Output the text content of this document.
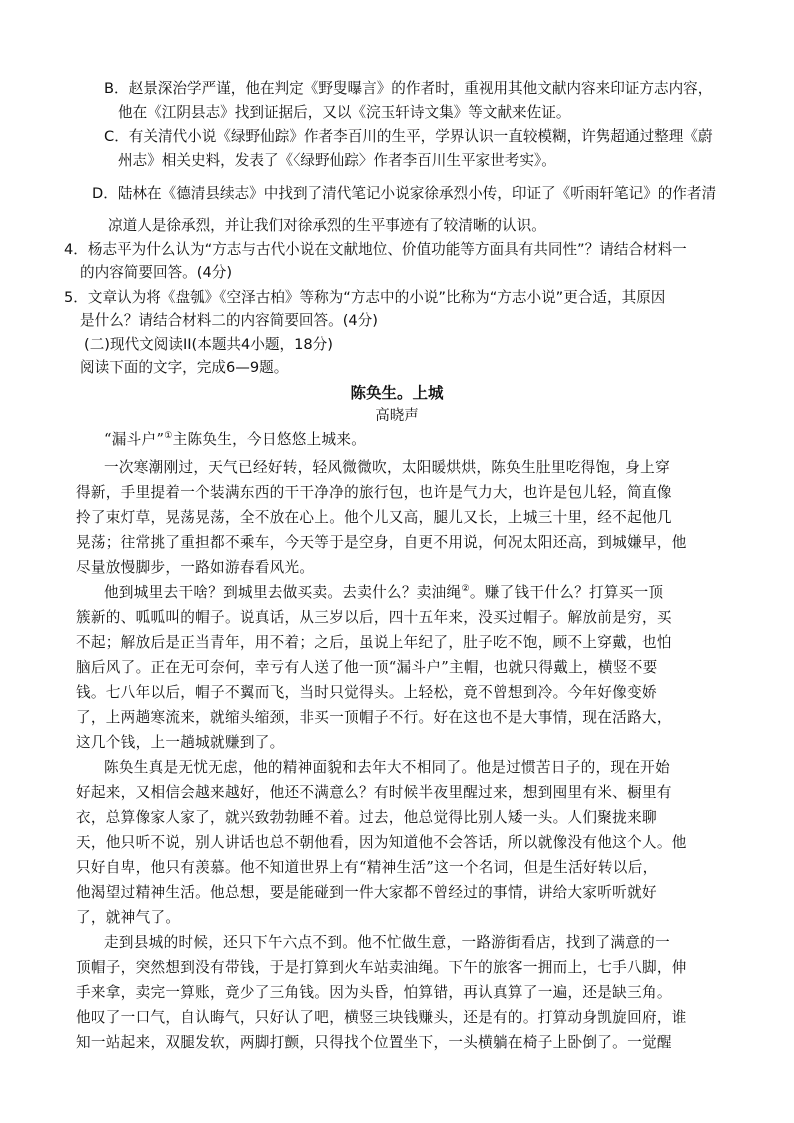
B．赵景深治学严谨，他在判定《野叟曝言》的作者时，重视用其他文献内容来印证方志内容，
他在《江阴县志》找到证据后，又以《浣玉轩诗文集》等文献来佐证。
C．有关清代小说《绿野仙踪》作者李百川的生平，学界认识一直较模糊，许隽超通过整理《蔚
州志》相关史料，发表了《〈绿野仙踪〉作者李百川生平家世考实》。
D．陆林在《德清县续志》中找到了清代笔记小说家徐承烈小传，印证了《听雨轩笔记》的作者清
凉道人是徐承烈，并让我们对徐承烈的生平事迹有了较清晰的认识。
4．杨志平为什么认为“方志与古代小说在文献地位、价值功能等方面具有共同性”？请结合材料一
的内容简要回答。(4分)
5．文章认为将《盘瓠》《空泽古柏》等称为“方志中的小说”比称为“方志小说”更合适，其原因
是什么？请结合材料二的内容简要回答。(4分)
(二)现代文阅读II(本题共4小题，18分)
阅读下面的文字，完成6—9题。
陈奂生。上城
高晓声
“漏斗户”①主陈奂生，今日悠悠上城来。
一次寒潮刚过，天气已经好转，轻风微微吹，太阳暖烘烘，陈奂生肚里吃得饱，身上穿
得新，手里提着一个装满东西的干干净净的旅行包，也许是气力大，也许是包儿轻，简直像
拎了束灯草，晃荡晃荡，全不放在心上。他个儿又高，腿儿又长，上城三十里，经不起他几
晃荡；往常挑了重担都不乘车，今天等于是空身，自更不用说，何况太阳还高，到城嫌早，他
尽量放慢脚步，一路如游春看风光。
他到城里去干啥？到城里去做买卖。去卖什么？卖油绳②。赚了钱干什么？打算买一顶
簇新的、呱呱叫的帽子。说真话，从三岁以后，四十五年来，没买过帽子。解放前是穷，买
不起；解放后是正当青年，用不着；之后，虽说上年纪了，肚子吃不饱，顾不上穿戴，也怕
脑后风了。正在无可奈何，幸亏有人送了他一顶“漏斗户”主帽，也就只得戴上，横竖不要
钱。七八年以后，帽子不翼而飞，当时只觉得头。上轻松，竟不曾想到冷。今年好像变娇
了，上两趟寒流来，就缩头缩颈，非买一顶帽子不行。好在这也不是大事情，现在活路大，
这几个钱，上一趟城就赚到了。
陈奂生真是无忧无虑，他的精神面貌和去年大不相同了。他是过惯苦日子的，现在开始
好起来，又相信会越来越好，他还不满意么？有时候半夜里醒过来，想到囤里有米、橱里有
衣，总算像家人家了，就兴致勃勃睡不着。过去，他总觉得比别人矮一头。人们聚拢来聊
天，他只听不说，别人讲话也总不朝他看，因为知道他不会答话，所以就像没有他这个人。他
只好自卑，他只有羡慕。他不知道世界上有“精神生活”这一个名词，但是生活好转以后，
他渴望过精神生活。他总想，要是能碰到一件大家都不曾经过的事情，讲给大家听听就好
了，就神气了。
走到县城的时候，还只下午六点不到。他不忙做生意，一路游街看店，找到了满意的一
顶帽子，突然想到没有带钱，于是打算到火车站卖油绳。下午的旅客一拥而上，七手八脚，伸
手来拿，卖完一算账，竟少了三角钱。因为头昏，怕算错，再认真算了一遍，还是缺三角。
他叹了一口气，自认晦气，只好认了吧，横竖三块钱赚头，还是有的。打算动身凯旋回府，谁
知一站起来，双腿发软，两脚打颤，只得找个位置坐下，一头横躺在椅子上卧倒了。一觉醒
